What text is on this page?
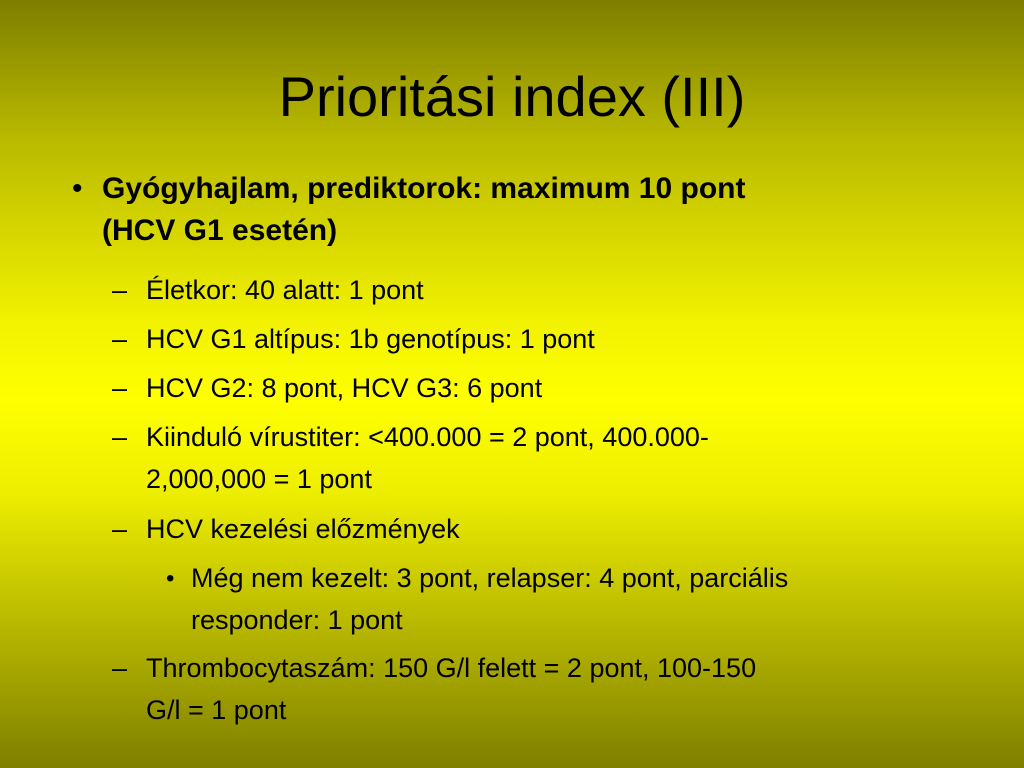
Prioritási index (III)
• Gyógyhajlam, prediktorok: maximum 10 pont
(HCV G1 esetén)
– Életkor: 40 alatt: 1 pont
– HCV G1 altípus: 1b genotípus: 1 pont
– HCV G2: 8 pont, HCV G3: 6 pont
– Kiinduló vírustiter: <400.000 = 2 pont, 400.000-
2,000,000 = 1 pont
– HCV kezelési előzmények
• Még nem kezelt: 3 pont, relapser: 4 pont, parciális
responder: 1 pont
– Thrombocytaszám: 150 G/l felett = 2 pont, 100-150
G/l = 1 pont
